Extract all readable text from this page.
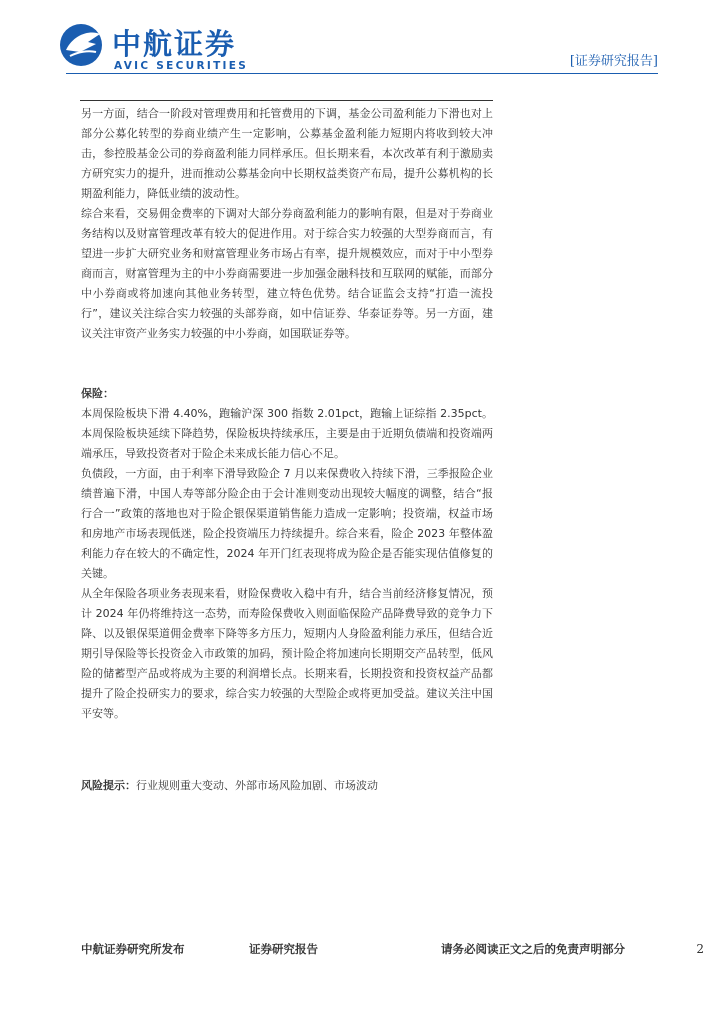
中航证券
AVIC SECURITIES	[证券研究报告]

另一方面，结合一阶段对管理费用和托管费用的下调，基金公司盈利能力下滑也对上部分公募化转型的券商业绩产生一定影响，公募基金盈利能力短期内将收到较大冲击，参控股基金公司的券商盈利能力同样承压。但长期来看，本次改革有利于激励卖方研究实力的提升，进而推动公募基金向中长期权益类资产布局，提升公募机构的长期盈利能力，降低业绩的波动性。

综合来看，交易佣金费率的下调对大部分券商盈利能力的影响有限，但是对于券商业务结构以及财富管理改革有较大的促进作用。对于综合实力较强的大型券商而言，有望进一步扩大研究业务和财富管理业务市场占有率，提升规模效应，而对于中小型券商而言，财富管理为主的中小券商需要进一步加强金融科技和互联网的赋能，而部分中小券商或将加速向其他业务转型，建立特色优势。结合证监会支持“打造一流投行”，建议关注综合实力较强的头部券商，如中信证券、华泰证券等。另一方面，建议关注审资产业务实力较强的中小券商，如国联证券等。

保险：

本周保险板块下滑 4.40%，跑输沪深 300 指数 2.01pct，跑输上证综指 2.35pct。本周保险板块延续下降趋势，保险板块持续承压，主要是由于近期负债端和投资端两端承压，导致投资者对于险企未来成长能力信心不足。

负债段，一方面，由于利率下滑导致险企 7 月以来保费收入持续下滑，三季报险企业绩普遍下滑，中国人寿等部分险企由于会计准则变动出现较大幅度的调整，结合“报行合一”政策的落地也对于险企银保渠道销售能力造成一定影响；投资端，权益市场和房地产市场表现低迷，险企投资端压力持续提升。综合来看，险企 2023 年整体盈利能力存在较大的不确定性，2024 年开门红表现将成为险企是否能实现估值修复的关键。

从全年保险各项业务表现来看，财险保费收入稳中有升，结合当前经济修复情况，预计 2024 年仍将维持这一态势，而寿险保费收入则面临保险产品降费导致的竞争力下降、以及银保渠道佣金费率下降等多方压力，短期内人身险盈利能力承压，但结合近期引导保险等长投资金入市政策的加码，预计险企将加速向长期期交产品转型，低风险的储蓄型产品或将成为主要的利润增长点。长期来看，长期投资和投资权益产品都提升了险企投研实力的要求，综合实力较强的大型险企或将更加受益。建议关注中国平安等。

风险提示：行业规则重大变动、外部市场风险加剧、市场波动

中航证券研究所发布	证券研究报告	请务必阅读正文之后的免责声明部分	2
